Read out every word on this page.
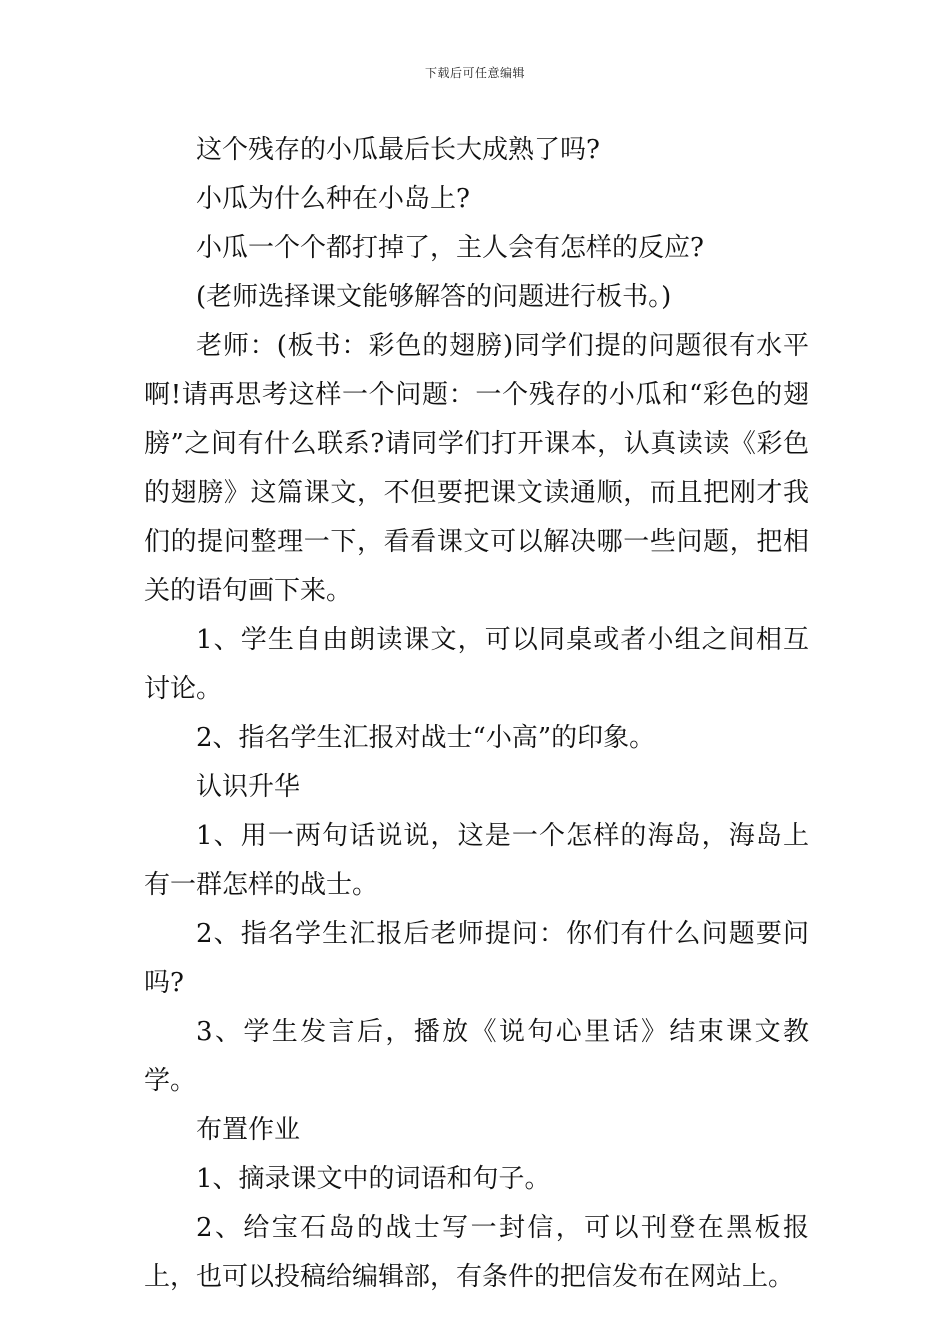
下载后可任意编辑

这个残存的小瓜最后长大成熟了吗?

小瓜为什么种在小岛上?

小瓜一个个都打掉了，主人会有怎样的反应?

(老师选择课文能够解答的问题进行板书。)

老师：(板书：彩色的翅膀)同学们提的问题很有水平啊!请再思考这样一个问题：一个残存的小瓜和“彩色的翅膀”之间有什么联系?请同学们打开课本，认真读读《彩色的翅膀》这篇课文，不但要把课文读通顺，而且把刚才我们的提问整理一下，看看课文可以解决哪一些问题，把相关的语句画下来。

1、学生自由朗读课文，可以同桌或者小组之间相互讨论。

2、指名学生汇报对战士“小高”的印象。

认识升华

1、用一两句话说说，这是一个怎样的海岛，海岛上有一群怎样的战士。

2、指名学生汇报后老师提问：你们有什么问题要问吗?

3、学生发言后，播放《说句心里话》结束课文教学。

布置作业

1、摘录课文中的词语和句子。

2、给宝石岛的战士写一封信，可以刊登在黑板报上，也可以投稿给编辑部，有条件的把信发布在网站上。
